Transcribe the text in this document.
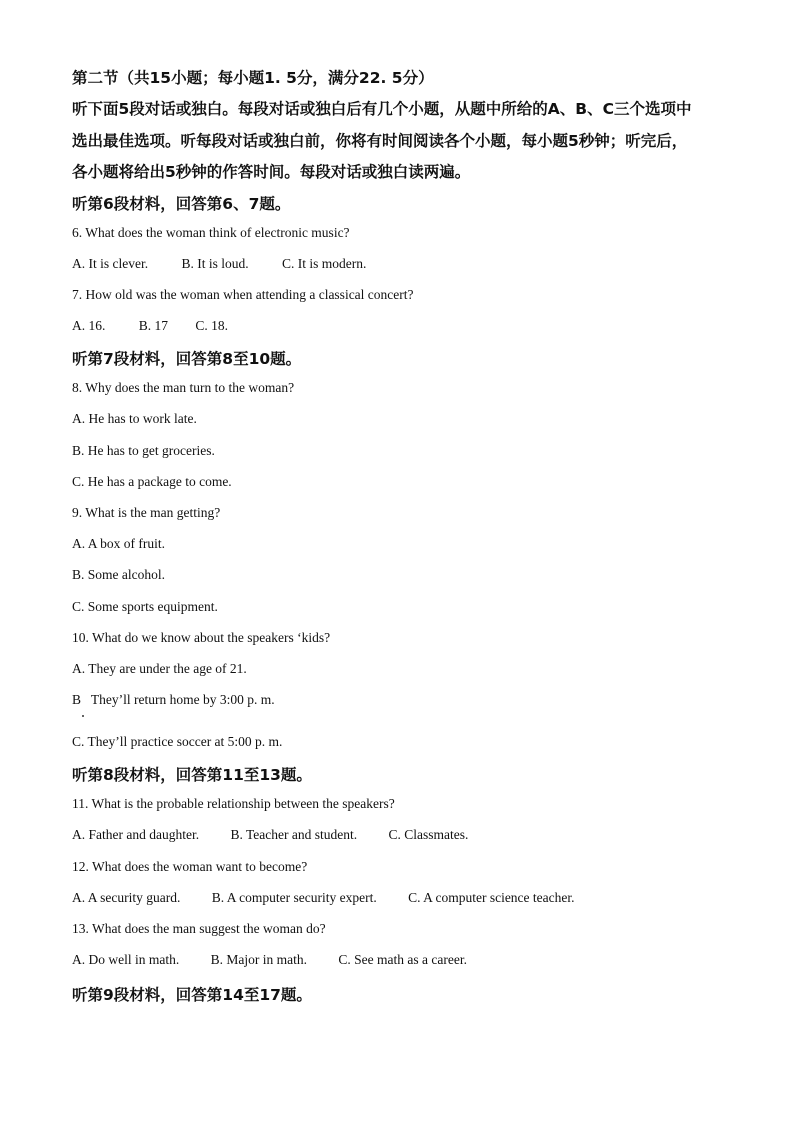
第二节（共15小题；每小题1. 5分，满分22. 5分）
听下面5段对话或独白。每段对话或独白后有几个小题，从题中所给的A、B、C三个选项中
选出最佳选项。听每段对话或独白前，你将有时间阅读各个小题，每小题5秒钟；听完后，
各小题将给出5秒钟的作答时间。每段对话或独白读两遍。
听第6段材料，回答第6、7题。
6. What does the woman think of electronic music?
A. It is clever. B. It is loud. C. It is modern.
7. How old was the woman when attending a classical concert?
A. 16. B. 17 C. 18.
听第7段材料，回答第8至10题。
8. Why does the man turn to the woman?
A. He has to work late.
B. He has to get groceries.
C. He has a package to come.
9. What is the man getting?
A. A box of fruit.
B. Some alcohol.
C. Some sports equipment.
10. What do we know about the speakers ‘kids?
A. They are under the age of 21.
B   They’ll return home by 3:00 p. m.
C. They’ll practice soccer at 5:00 p. m.
听第8段材料，回答第11至13题。
11. What is the probable relationship between the speakers?
A. Father and daughter. B. Teacher and student. C. Classmates.
12. What does the woman want to become?
A. A security guard. B. A computer security expert. C. A computer science teacher.
13. What does the man suggest the woman do?
A. Do well in math. B. Major in math. C. See math as a career.
听第9段材料，回答第14至17题。
